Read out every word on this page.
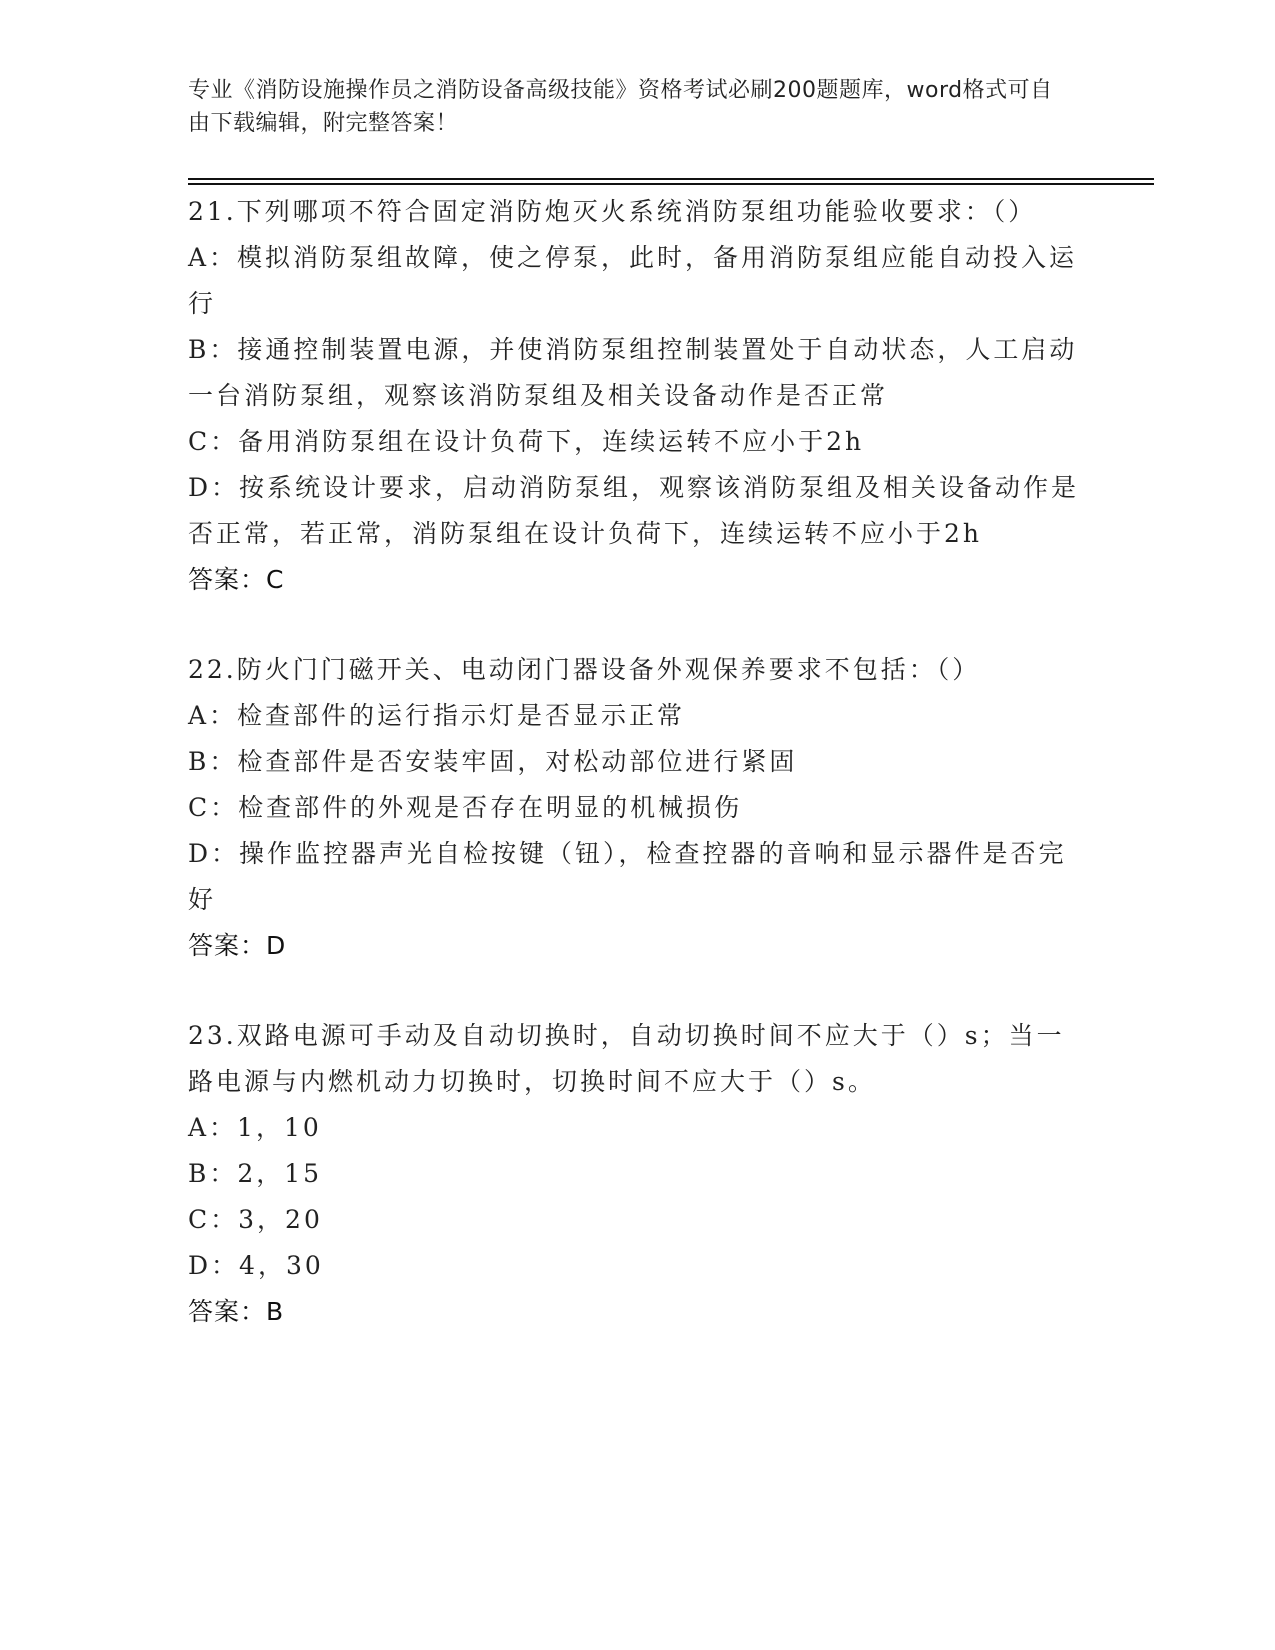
专业《消防设施操作员之消防设备高级技能》资格考试必刷200题题库，word格式可自由下载编辑，附完整答案！
21.下列哪项不符合固定消防炮灭火系统消防泵组功能验收要求：（）
A：模拟消防泵组故障，使之停泵，此时，备用消防泵组应能自动投入运行
B：接通控制装置电源，并使消防泵组控制装置处于自动状态，人工启动一台消防泵组，观察该消防泵组及相关设备动作是否正常
C：备用消防泵组在设计负荷下，连续运转不应小于2h
D：按系统设计要求，启动消防泵组，观察该消防泵组及相关设备动作是否正常，若正常，消防泵组在设计负荷下，连续运转不应小于2h
答案：C
22.防火门门磁开关、电动闭门器设备外观保养要求不包括：（）
A：检查部件的运行指示灯是否显示正常
B：检查部件是否安装牢固，对松动部位进行紧固
C：检查部件的外观是否存在明显的机械损伤
D：操作监控器声光自检按键（钮），检查控器的音响和显示器件是否完好
答案：D
23.双路电源可手动及自动切换时，自动切换时间不应大于（）s；当一路电源与内燃机动力切换时，切换时间不应大于（）s。
A：1，10
B：2，15
C：3，20
D：4，30
答案：B
